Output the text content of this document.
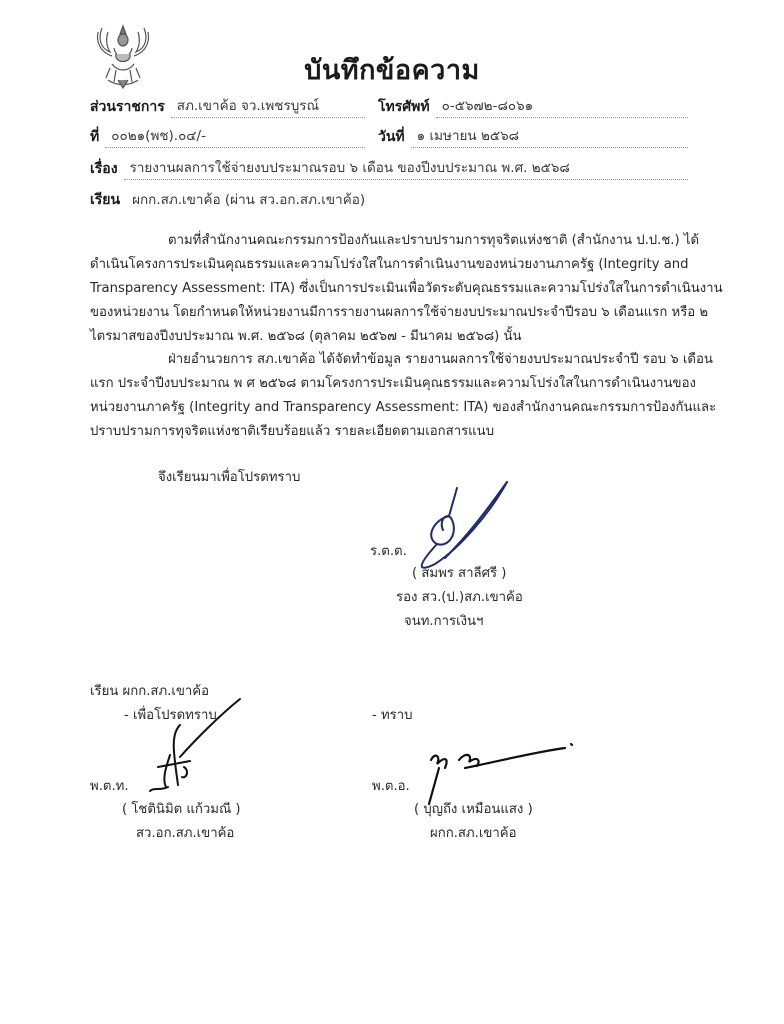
บันทึกข้อความ
ส่วนราชการ สภ.เขาค้อ จว.เพชรบูรณ์	โทรศัพท์ ๐-๕๖๗๒-๘๐๖๑
ที่ ๐๐๒๑(พช).๐๔/-	วันที่ ๑ เมษายน ๒๕๖๘
เรื่อง รายงานผลการใช้จ่ายงบประมาณรอบ ๖ เดือน ของปีงบประมาณ พ.ศ. ๒๕๖๘
เรียน ผกก.สภ.เขาค้อ (ผ่าน สว.อก.สภ.เขาค้อ)
ตามที่สำนักงานคณะกรรมการป้องกันและปราบปรามการทุจริตแห่งชาติ (สำนักงาน ป.ป.ช.) ได้
ดำเนินโครงการประเมินคุณธรรมและความโปร่งใสในการดำเนินงานของหน่วยงานภาครัฐ (Integrity and
Transparency Assessment: ITA) ซึ่งเป็นการประเมินเพื่อวัดระดับคุณธรรมและความโปร่งใสในการดำเนินงาน
ของหน่วยงาน โดยกำหนดให้หน่วยงานมีการรายงานผลการใช้จ่ายงบประมาณประจำปีรอบ ๖ เดือนแรก หรือ ๒
ไตรมาสของปีงบประมาณ พ.ศ. ๒๕๖๘ (ตุลาคม ๒๕๖๗ - มีนาคม ๒๕๖๘) นั้น
ฝ่ายอำนวยการ สภ.เขาค้อ ได้จัดทำข้อมูล รายงานผลการใช้จ่ายงบประมาณประจำปี รอบ ๖ เดือน
แรก ประจำปีงบประมาณ พ ศ ๒๕๖๘ ตามโครงการประเมินคุณธรรมและความโปร่งใสในการดำเนินงานของ
หน่วยงานภาครัฐ (Integrity and Transparency Assessment: ITA) ของสำนักงานคณะกรรมการป้องกันและ
ปราบปรามการทุจริตแห่งชาติเรียบร้อยแล้ว รายละเอียดตามเอกสารแนบ
จึงเรียนมาเพื่อโปรดทราบ
ร.ต.ต.
( สมพร สาลีศรี )
รอง สว.(ป.)สภ.เขาค้อ
จนท.การเงินฯ
เรียน ผกก.สภ.เขาค้อ
- เพื่อโปรดทราบ
พ.ต.ท.
( โชตินิมิต แก้วมณี )
สว.อก.สภ.เขาค้อ
- ทราบ
พ.ต.อ.
( บุญถึง เหมือนแสง )
ผกก.สภ.เขาค้อ
